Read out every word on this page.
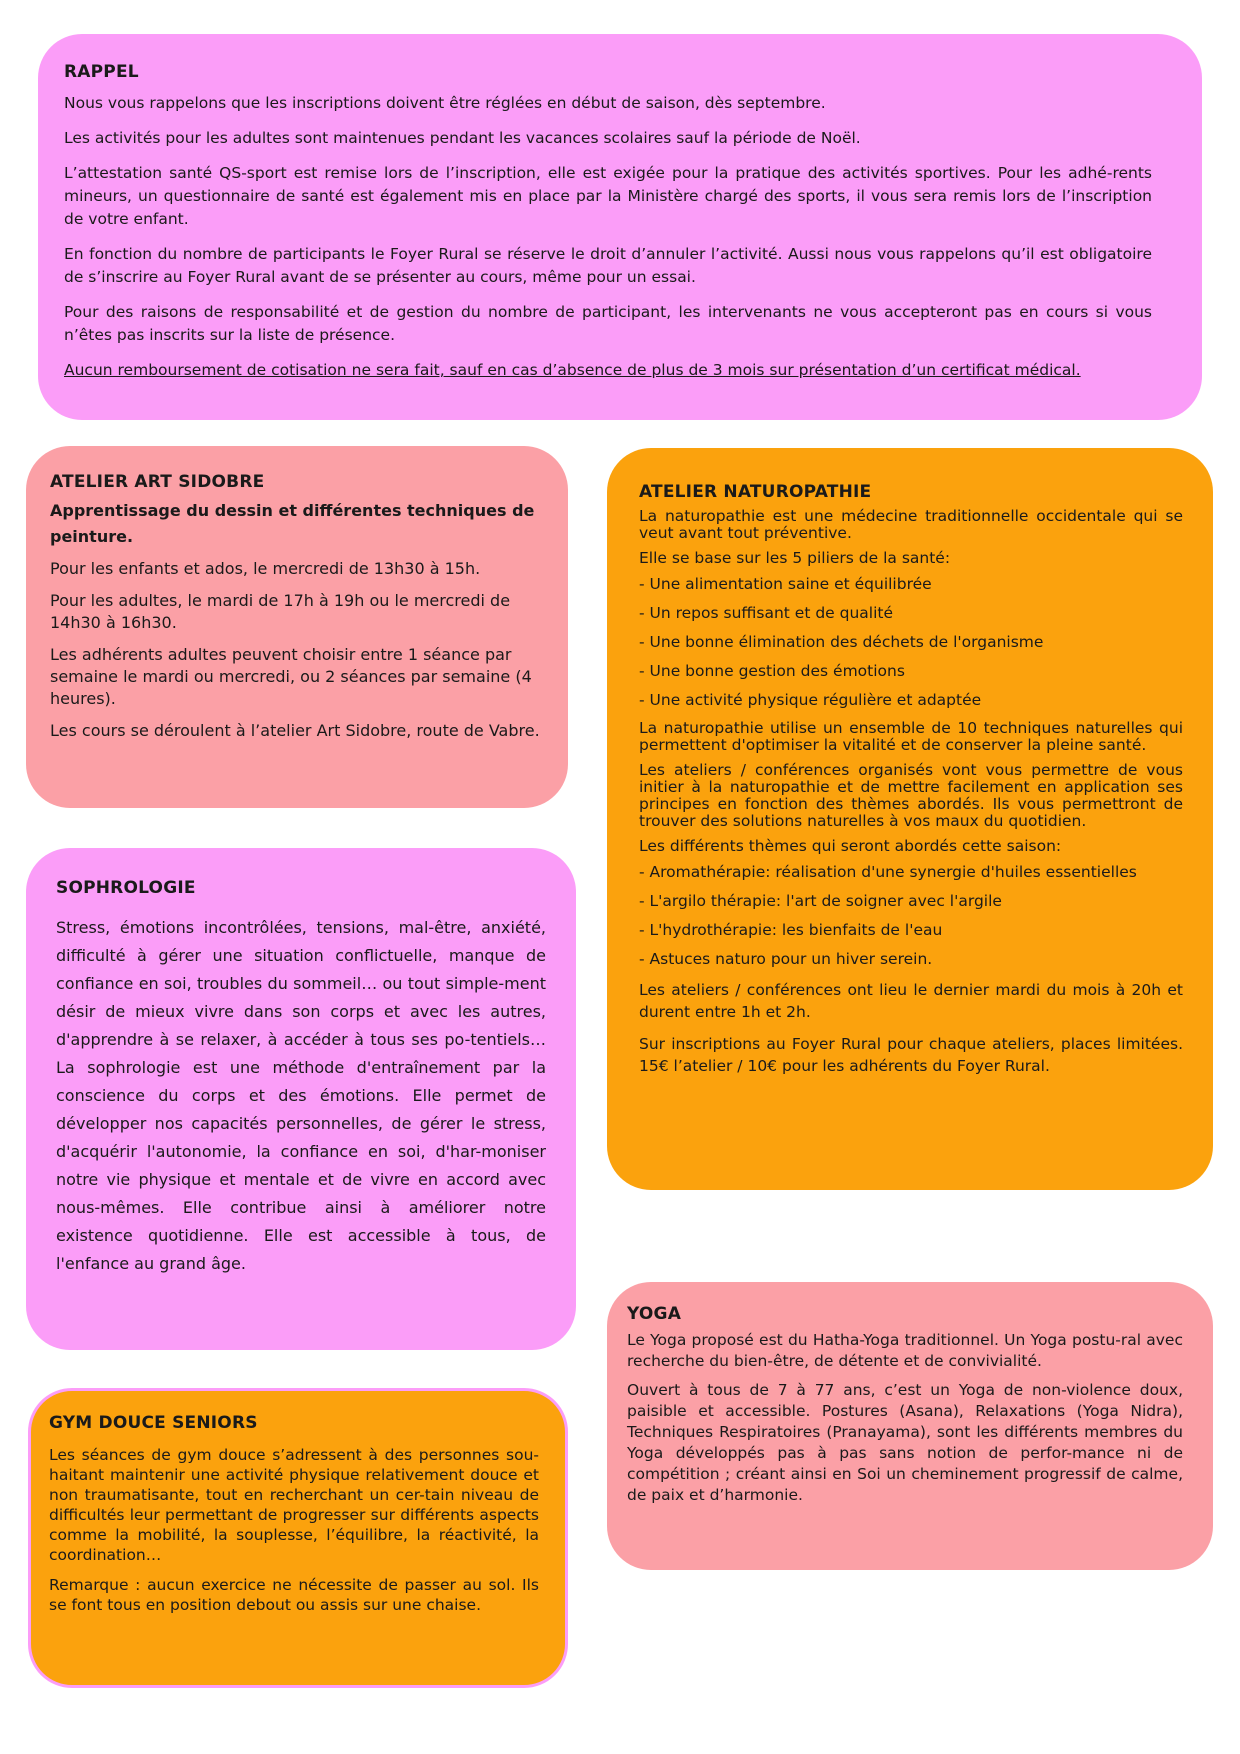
RAPPEL

Nous vous rappelons que les inscriptions doivent être réglées en début de saison, dès septembre.

Les activités pour les adultes sont maintenues pendant les vacances scolaires sauf la période de Noël.

L’attestation santé QS-sport est remise lors de l’inscription, elle est exigée pour la pratique des activités sportives. Pour les adhé-rents mineurs, un questionnaire de santé est également mis en place par la Ministère chargé des sports, il vous sera remis lors de l’inscription de votre enfant.

En fonction du nombre de participants le Foyer Rural se réserve le droit d’annuler l’activité. Aussi nous vous rappelons qu’il est obligatoire de s’inscrire au Foyer Rural avant de se présenter au cours, même pour un essai.

Pour des raisons de responsabilité et de gestion du nombre de participant, les intervenants ne vous accepteront pas en cours si vous n’êtes pas inscrits sur la liste de présence.

Aucun remboursement de cotisation ne sera fait, sauf en cas d’absence de plus de 3 mois sur présentation d’un certificat médical.

ATELIER ART SIDOBRE

Apprentissage du dessin et différentes techniques de peinture.

Pour les enfants et ados, le mercredi de 13h30 à 15h.

Pour les adultes, le mardi de 17h à 19h ou le mercredi de 14h30 à 16h30.

Les adhérents adultes peuvent choisir entre 1 séance par semaine le mardi ou mercredi, ou 2 séances par semaine (4 heures).

Les cours se déroulent à l’atelier Art Sidobre, route de Vabre.

ATELIER NATUROPATHIE

La naturopathie est une médecine traditionnelle occidentale qui se veut avant tout préventive.

Elle se base sur les 5 piliers de la santé:

- Une alimentation saine et équilibrée
- Un repos suffisant et de qualité
- Une bonne élimination des déchets de l'organisme
- Une bonne gestion des émotions
- Une activité physique régulière et adaptée

La naturopathie utilise un ensemble de 10 techniques naturelles qui permettent d'optimiser la vitalité et de conserver la pleine santé.

Les ateliers / conférences organisés vont vous permettre de vous initier à la naturopathie et de mettre facilement en application ses principes en fonction des thèmes abordés. Ils vous permettront de trouver des solutions naturelles à vos maux du quotidien.

Les différents thèmes qui seront abordés cette saison:

- Aromathérapie: réalisation d'une synergie d'huiles essentielles
- L'argilo thérapie: l'art de soigner avec l'argile
- L'hydrothérapie: les bienfaits de l'eau
- Astuces naturo pour un hiver serein.

Les ateliers / conférences ont lieu le dernier mardi du mois à 20h et durent entre 1h et 2h.

Sur inscriptions au Foyer Rural pour chaque ateliers, places limitées. 15€ l’atelier / 10€ pour les adhérents du Foyer Rural.

SOPHROLOGIE

Stress, émotions incontrôlées, tensions, mal-être, anxiété, difficulté à gérer une situation conflictuelle, manque de confiance en soi, troubles du sommeil… ou tout simple-ment désir de mieux vivre dans son corps et avec les autres, d'apprendre à se relaxer, à accéder à tous ses po-tentiels… La sophrologie est une méthode d'entraînement par la conscience du corps et des émotions. Elle permet de développer nos capacités personnelles, de gérer le stress, d'acquérir l'autonomie, la confiance en soi, d'har-moniser notre vie physique et mentale et de vivre en accord avec nous-mêmes. Elle contribue ainsi à améliorer notre existence quotidienne. Elle est accessible à tous, de l'enfance au grand âge.

YOGA

Le Yoga proposé est du Hatha-Yoga traditionnel. Un Yoga postu-ral avec recherche du bien-être, de détente et de convivialité.

Ouvert à tous de 7 à 77 ans, c’est un Yoga de non-violence doux, paisible et accessible. Postures (Asana), Relaxations (Yoga Nidra), Techniques Respiratoires (Pranayama), sont les différents membres du Yoga développés pas à pas sans notion de perfor-mance ni de compétition ; créant ainsi en Soi un cheminement progressif de calme, de paix et d’harmonie.

GYM DOUCE SENIORS

Les séances de gym douce s’adressent à des personnes sou-haitant maintenir une activité physique relativement douce et non traumatisante, tout en recherchant un cer-tain niveau de difficultés leur permettant de progresser sur différents aspects comme la mobilité, la souplesse, l’équilibre, la réactivité, la coordination…

Remarque : aucun exercice ne nécessite de passer au sol. Ils se font tous en position debout ou assis sur une chaise.
